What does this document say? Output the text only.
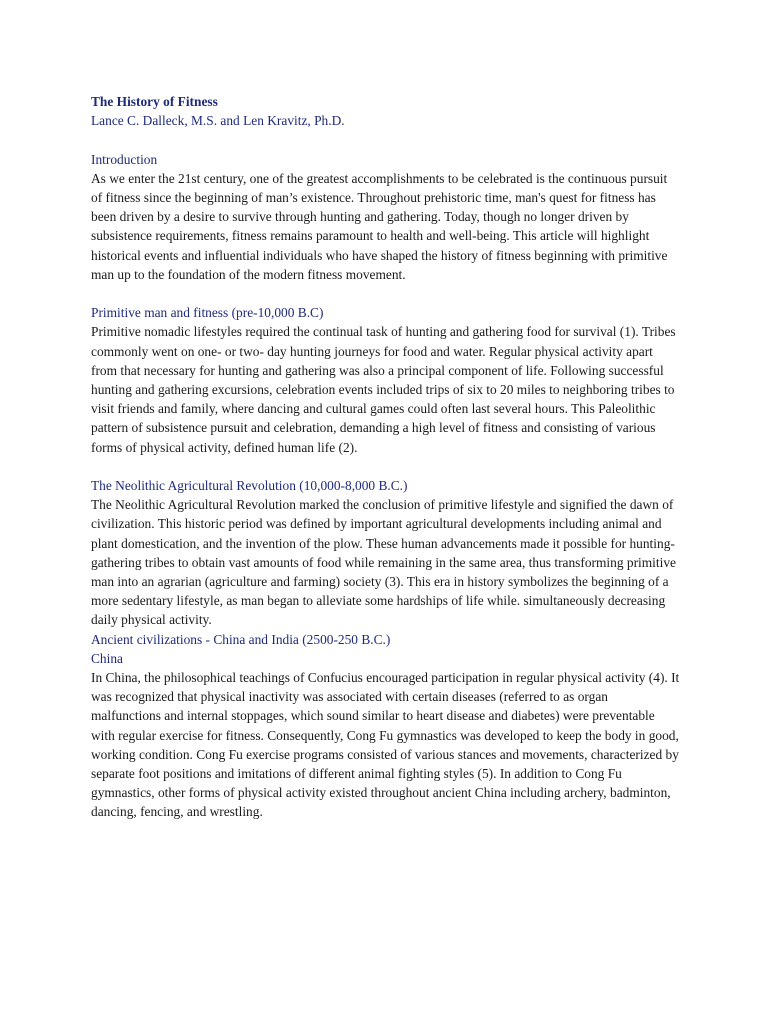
The History of Fitness
Lance C. Dalleck, M.S. and Len Kravitz, Ph.D.
Introduction
As we enter the 21st century, one of the greatest accomplishments to be celebrated is the continuous pursuit of fitness since the beginning of man’s existence. Throughout prehistoric time, man's quest for fitness has been driven by a desire to survive through hunting and gathering. Today, though no longer driven by subsistence requirements, fitness remains paramount to health and well-being. This article will highlight historical events and influential individuals who have shaped the history of fitness beginning with primitive man up to the foundation of the modern fitness movement.
Primitive man and fitness (pre-10,000 B.C)
Primitive nomadic lifestyles required the continual task of hunting and gathering food for survival (1). Tribes commonly went on one- or two- day hunting journeys for food and water. Regular physical activity apart from that necessary for hunting and gathering was also a principal component of life. Following successful hunting and gathering excursions, celebration events included trips of six to 20 miles to neighboring tribes to visit friends and family, where dancing and cultural games could often last several hours. This Paleolithic pattern of subsistence pursuit and celebration, demanding a high level of fitness and consisting of various forms of physical activity, defined human life (2).
The Neolithic Agricultural Revolution (10,000-8,000 B.C.)
The Neolithic Agricultural Revolution marked the conclusion of primitive lifestyle and signified the dawn of civilization. This historic period was defined by important agricultural developments including animal and plant domestication, and the invention of the plow. These human advancements made it possible for hunting-gathering tribes to obtain vast amounts of food while remaining in the same area, thus transforming primitive man into an agrarian (agriculture and farming) society (3). This era in history symbolizes the beginning of a more sedentary lifestyle, as man began to alleviate some hardships of life while. simultaneously decreasing daily physical activity.
Ancient civilizations - China and India (2500-250 B.C.)
China
In China, the philosophical teachings of Confucius encouraged participation in regular physical activity (4). It was recognized that physical inactivity was associated with certain diseases (referred to as organ malfunctions and internal stoppages, which sound similar to heart disease and diabetes) were preventable with regular exercise for fitness. Consequently, Cong Fu gymnastics was developed to keep the body in good, working condition. Cong Fu exercise programs consisted of various stances and movements, characterized by separate foot positions and imitations of different animal fighting styles (5). In addition to Cong Fu gymnastics, other forms of physical activity existed throughout ancient China including archery, badminton, dancing, fencing, and wrestling.
